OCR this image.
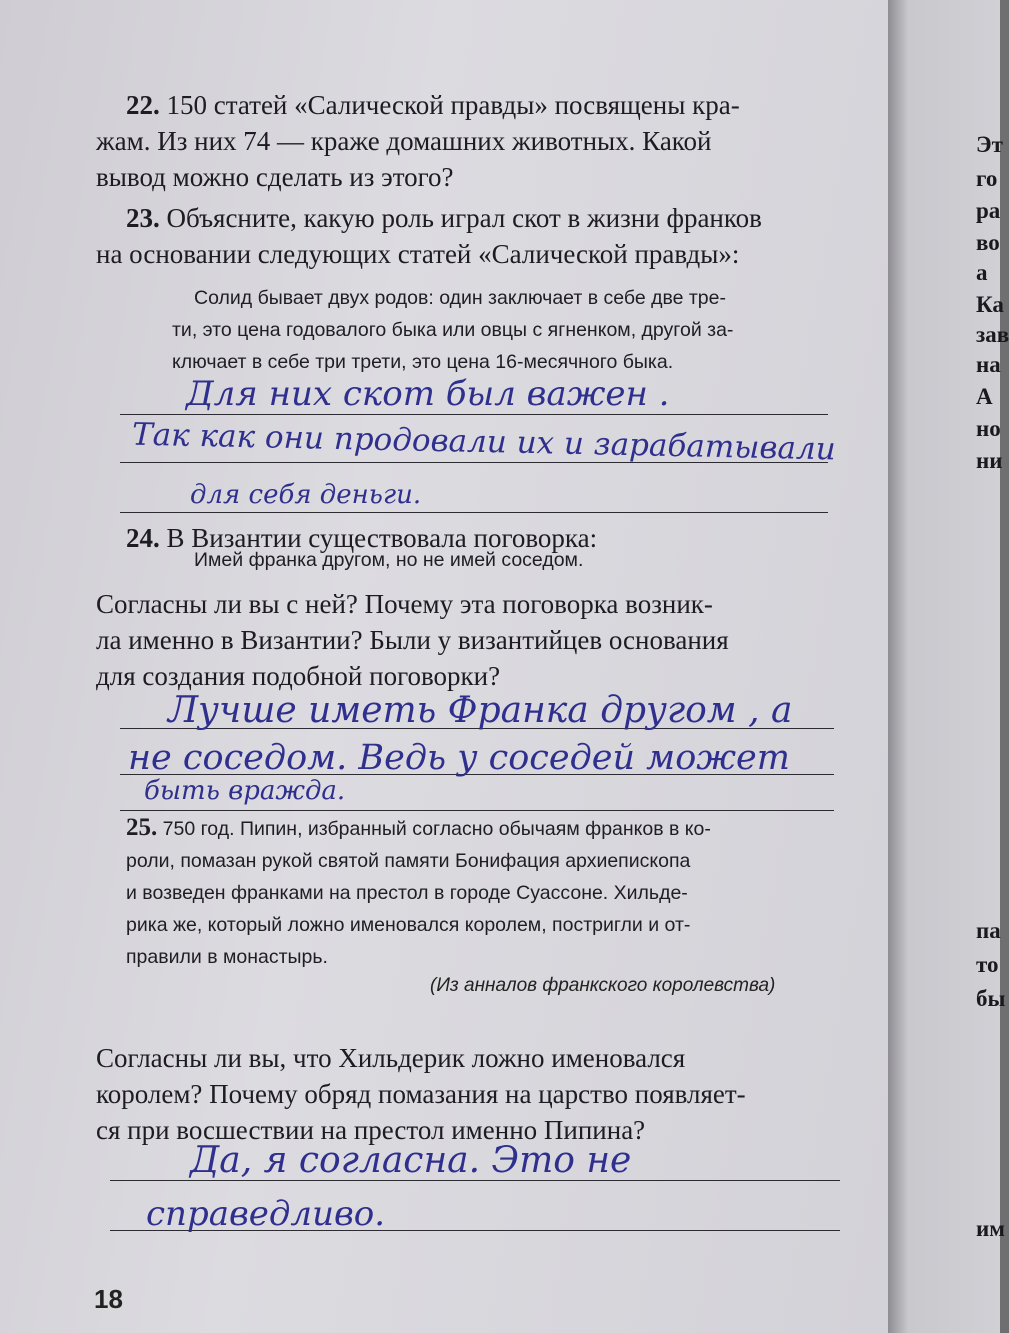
22. 150 статей «Салической правды» посвящены кра-
жам. Из них 74 — краже домашних животных. Какой
вывод можно сделать из этого?
23. Объясните, какую роль играл скот в жизни франков
на основании следующих статей «Салической правды»:
Солид бывает двух родов: один заключает в себе две тре-
ти, это цена годовалого быка или овцы с ягненком, другой за-
ключает в себе три трети, это цена 16-месячного быка.
Для них скот был важен .
Так как они продовали их и зарабатывали
для себя деньги.
24. В Византии существовала поговорка:
Имей франка другом, но не имей соседом.
Согласны ли вы с ней? Почему эта поговорка возник-
ла именно в Византии? Были у византийцев основания
для создания подобной поговорки?
Лучше иметь Франка другом , а
не соседом. Ведь у соседей может
быть вражда.
25. 750 год. Пипин, избранный согласно обычаям франков в ко-
роли, помазан рукой святой памяти Бонифация архиепископа
и возведен франками на престол в городе Суассоне. Хильде-
рика же, который ложно именовался королем, постригли и от-
правили в монастырь.
(Из анналов франкского королевства)
Согласны ли вы, что Хильдерик ложно именовался
королем? Почему обряд помазания на царство появляет-
ся при восшествии на престол именно Пипина?
Да, я согласна. Это не
справедливо.
18
Эт
го
ра
во
а
Ка
зав
на
А
но
ни
па
то
бы
им
